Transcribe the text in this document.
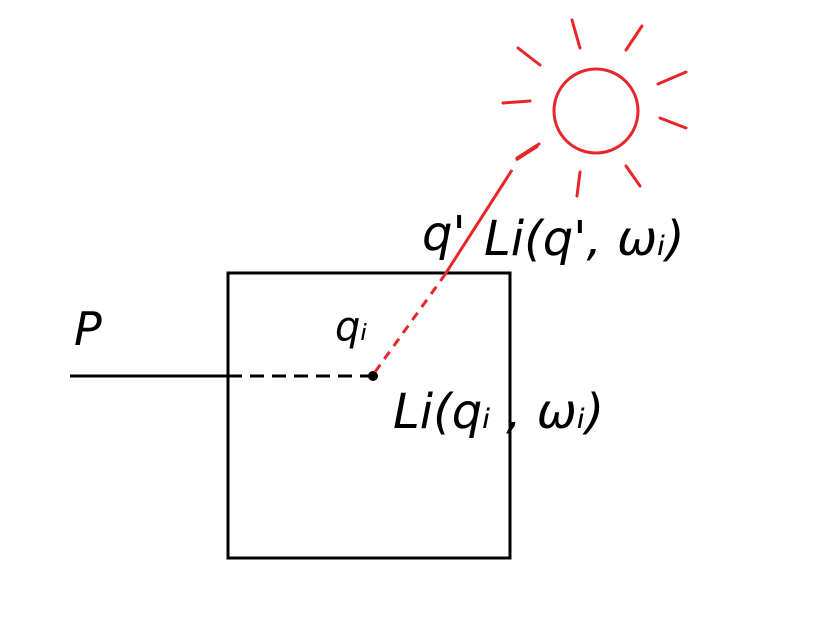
P	qᵢ
q' Li(q', ωᵢ)
Li(qᵢ , ωᵢ)
